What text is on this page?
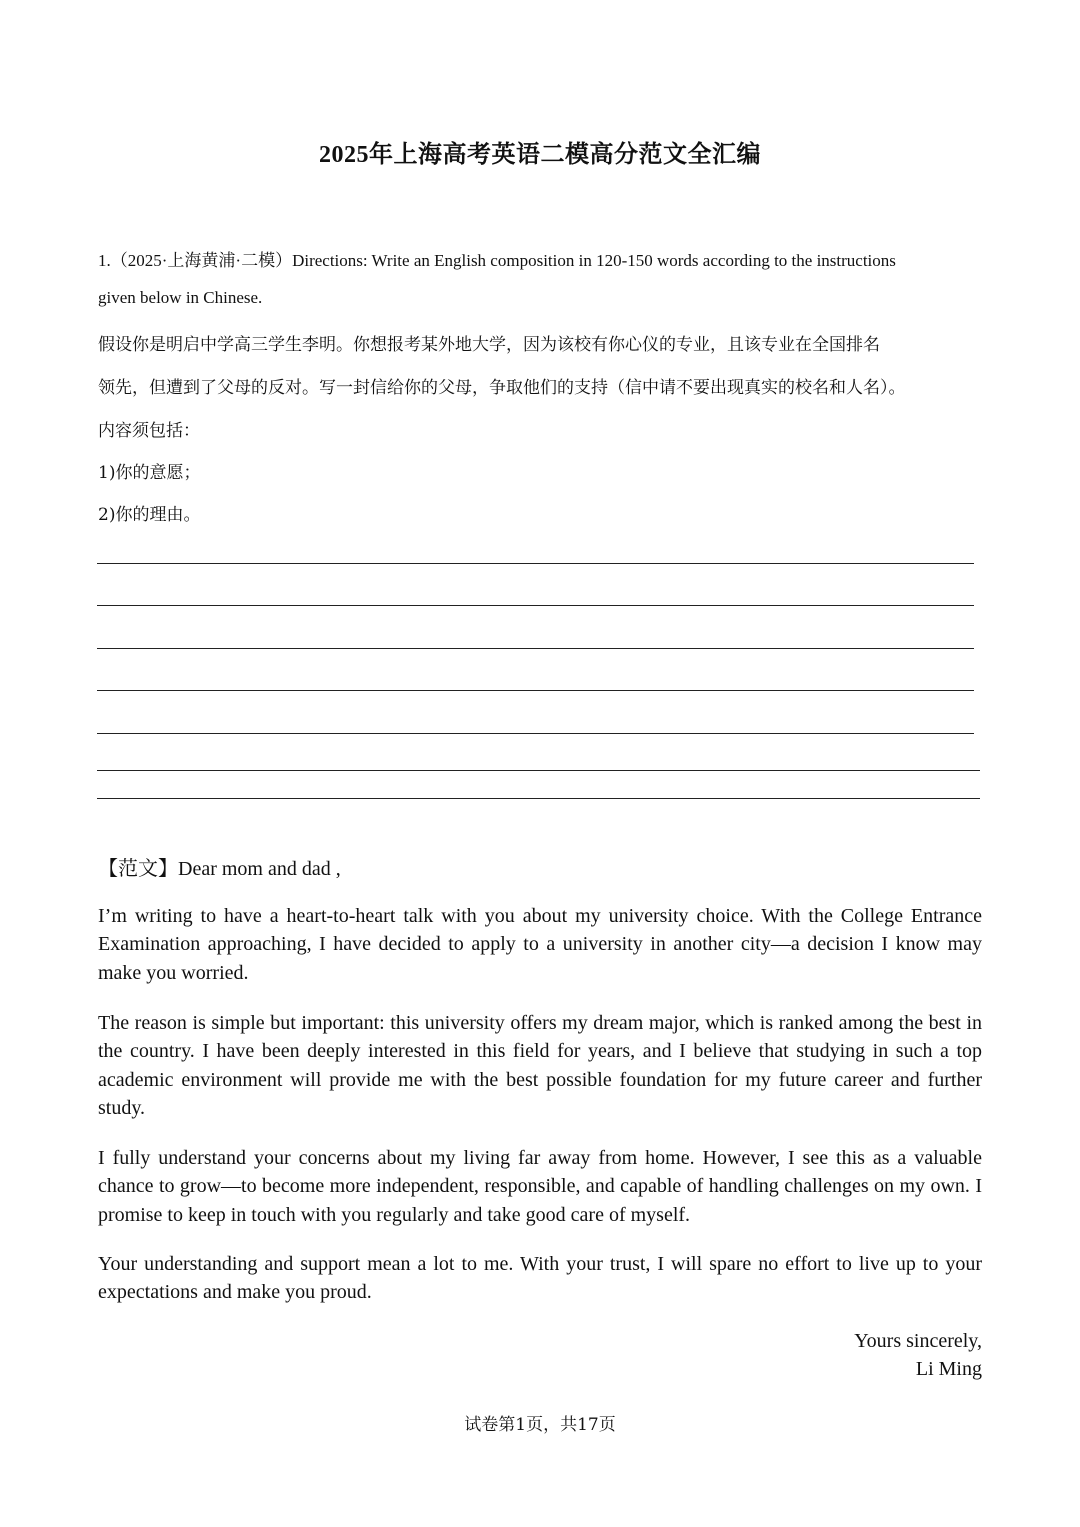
2025年上海高考英语二模高分范文全汇编
1.（2025·上海黄浦·二模）Directions: Write an English composition in 120-150 words according to the instructions
given below in Chinese.
假设你是明启中学高三学生李明。你想报考某外地大学，因为该校有你心仪的专业，且该专业在全国排名
领先，但遭到了父母的反对。写一封信给你的父母，争取他们的支持（信中请不要出现真实的校名和人名）。
内容须包括：
1)你的意愿；
2)你的理由。
【范文】Dear mom and dad ,
I’m writing to have a heart-to-heart talk with you about my university choice. With the College Entrance Examination approaching, I have decided to apply to a university in another city—a decision I know may make you worried.
The reason is simple but important: this university offers my dream major, which is ranked among the best in the country. I have been deeply interested in this field for years, and I believe that studying in such a top academic environment will provide me with the best possible foundation for my future career and further study.
I fully understand your concerns about my living far away from home. However, I see this as a valuable chance to grow—to become more independent, responsible, and capable of handling challenges on my own. I promise to keep in touch with you regularly and take good care of myself.
Your understanding and support mean a lot to me. With your trust, I will spare no effort to live up to your expectations and make you proud.
Yours sincerely,
Li Ming
试卷第1页，共17页
